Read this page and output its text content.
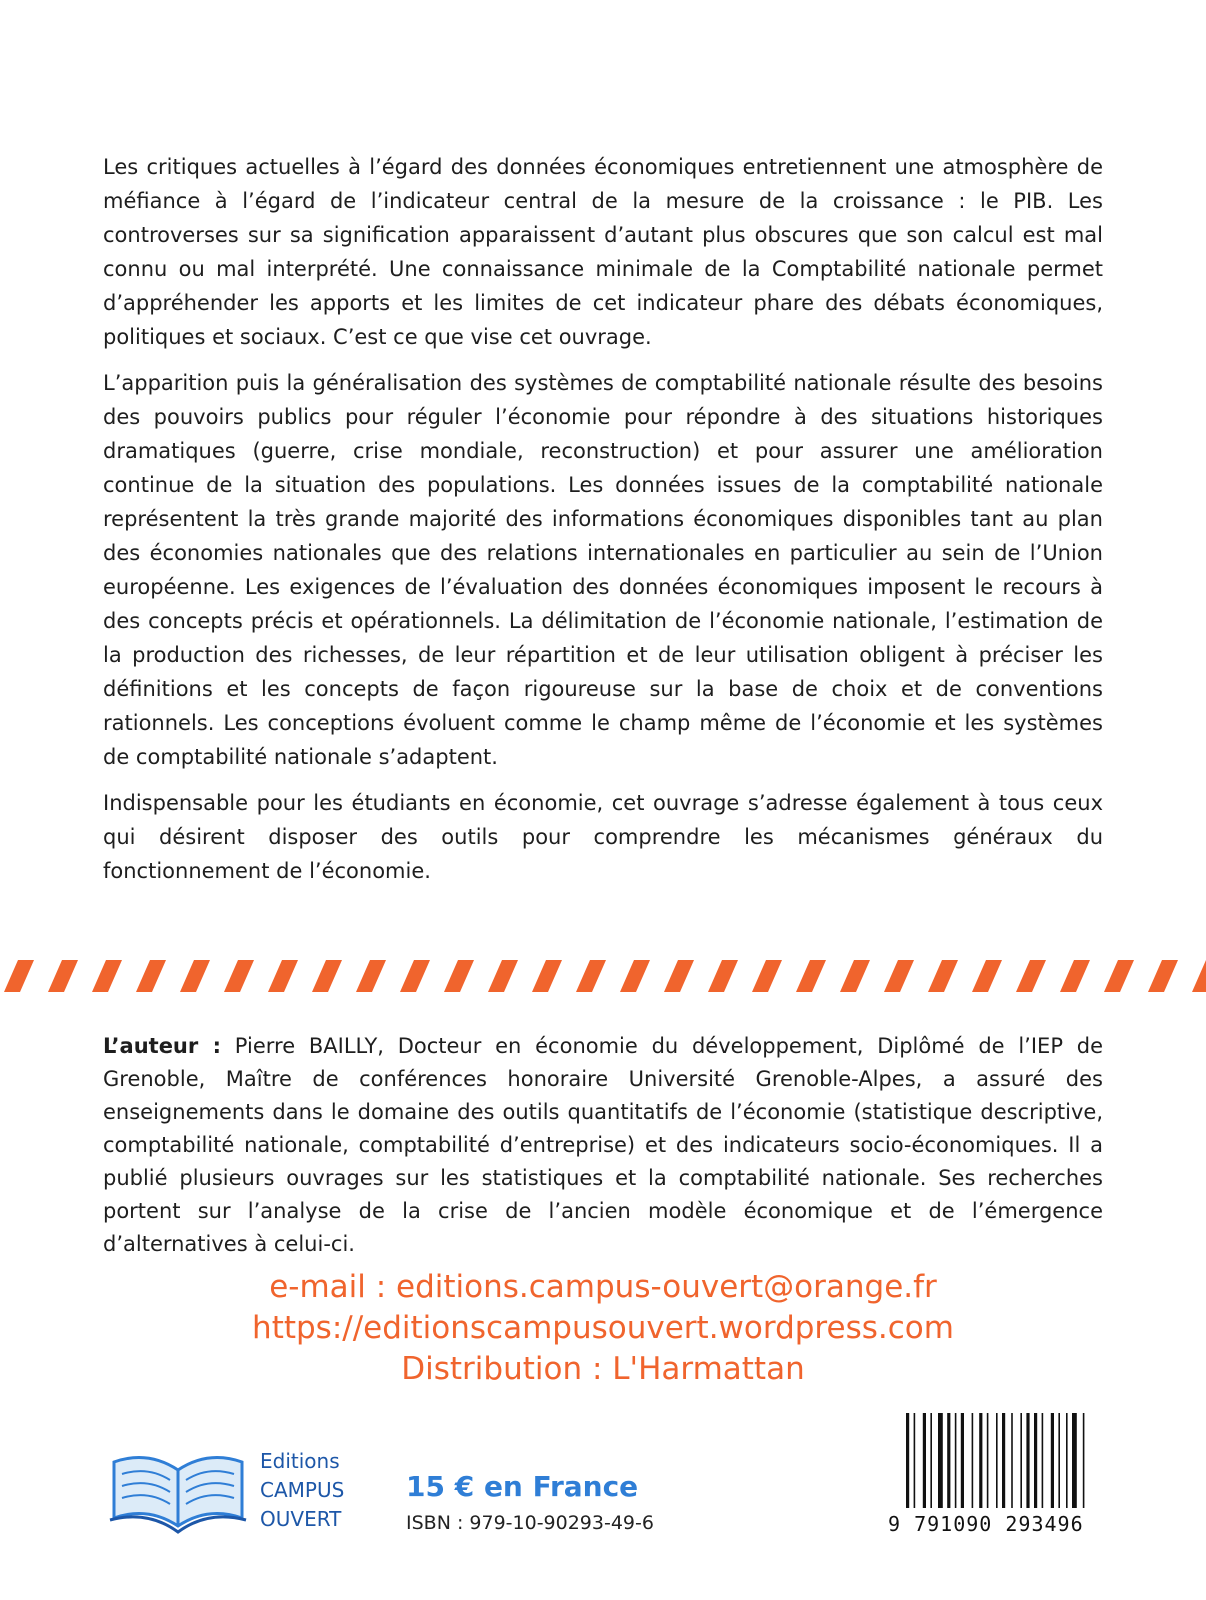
Les critiques actuelles à l’égard des données économiques entretiennent une atmosphère de méfiance à l’égard de l’indicateur central de la mesure de la croissance : le PIB. Les controverses sur sa signification apparaissent d’autant plus obscures que son calcul est mal connu ou mal interprété. Une connaissance minimale de la Comptabilité nationale permet d’appréhender les apports et les limites de cet indicateur phare des débats économiques, politiques et sociaux. C’est ce que vise cet ouvrage.

L’apparition puis la généralisation des systèmes de comptabilité nationale résulte des besoins des pouvoirs publics pour réguler l’économie pour répondre à des situations historiques dramatiques (guerre, crise mondiale, reconstruction) et pour assurer une amélioration continue de la situation des populations. Les données issues de la comptabilité nationale représentent la très grande majorité des informations économiques disponibles tant au plan des économies nationales que des relations internationales en particulier au sein de l’Union européenne. Les exigences de l’évaluation des données économiques imposent le recours à des concepts précis et opérationnels. La délimitation de l’économie nationale, l’estimation de la production des richesses, de leur répartition et de leur utilisation obligent à préciser les définitions et les concepts de façon rigoureuse sur la base de choix et de conventions rationnels. Les conceptions évoluent comme le champ même de l’économie et les systèmes de comptabilité nationale s’adaptent.

Indispensable pour les étudiants en économie, cet ouvrage s’adresse également à tous ceux qui désirent disposer des outils pour comprendre les mécanismes généraux du fonctionnement de l’économie.

L’auteur : Pierre BAILLY, Docteur en économie du développement, Diplômé de l’IEP de Grenoble, Maître de conférences honoraire Université Grenoble-Alpes, a assuré des enseignements dans le domaine des outils quantitatifs de l’économie (statistique descriptive, comptabilité nationale, comptabilité d’entreprise) et des indicateurs socio-économiques. Il a publié plusieurs ouvrages sur les statistiques et la comptabilité nationale. Ses recherches portent sur l’analyse de la crise de l’ancien modèle économique et de l’émergence d’alternatives à celui-ci.

e-mail : editions.campus-ouvert@orange.fr
https://editionscampusouvert.wordpress.com
Distribution : L'Harmattan
Editions
CAMPUS
OUVERT
15 € en France
ISBN : 979-10-90293-49-6	9 791090 293496
